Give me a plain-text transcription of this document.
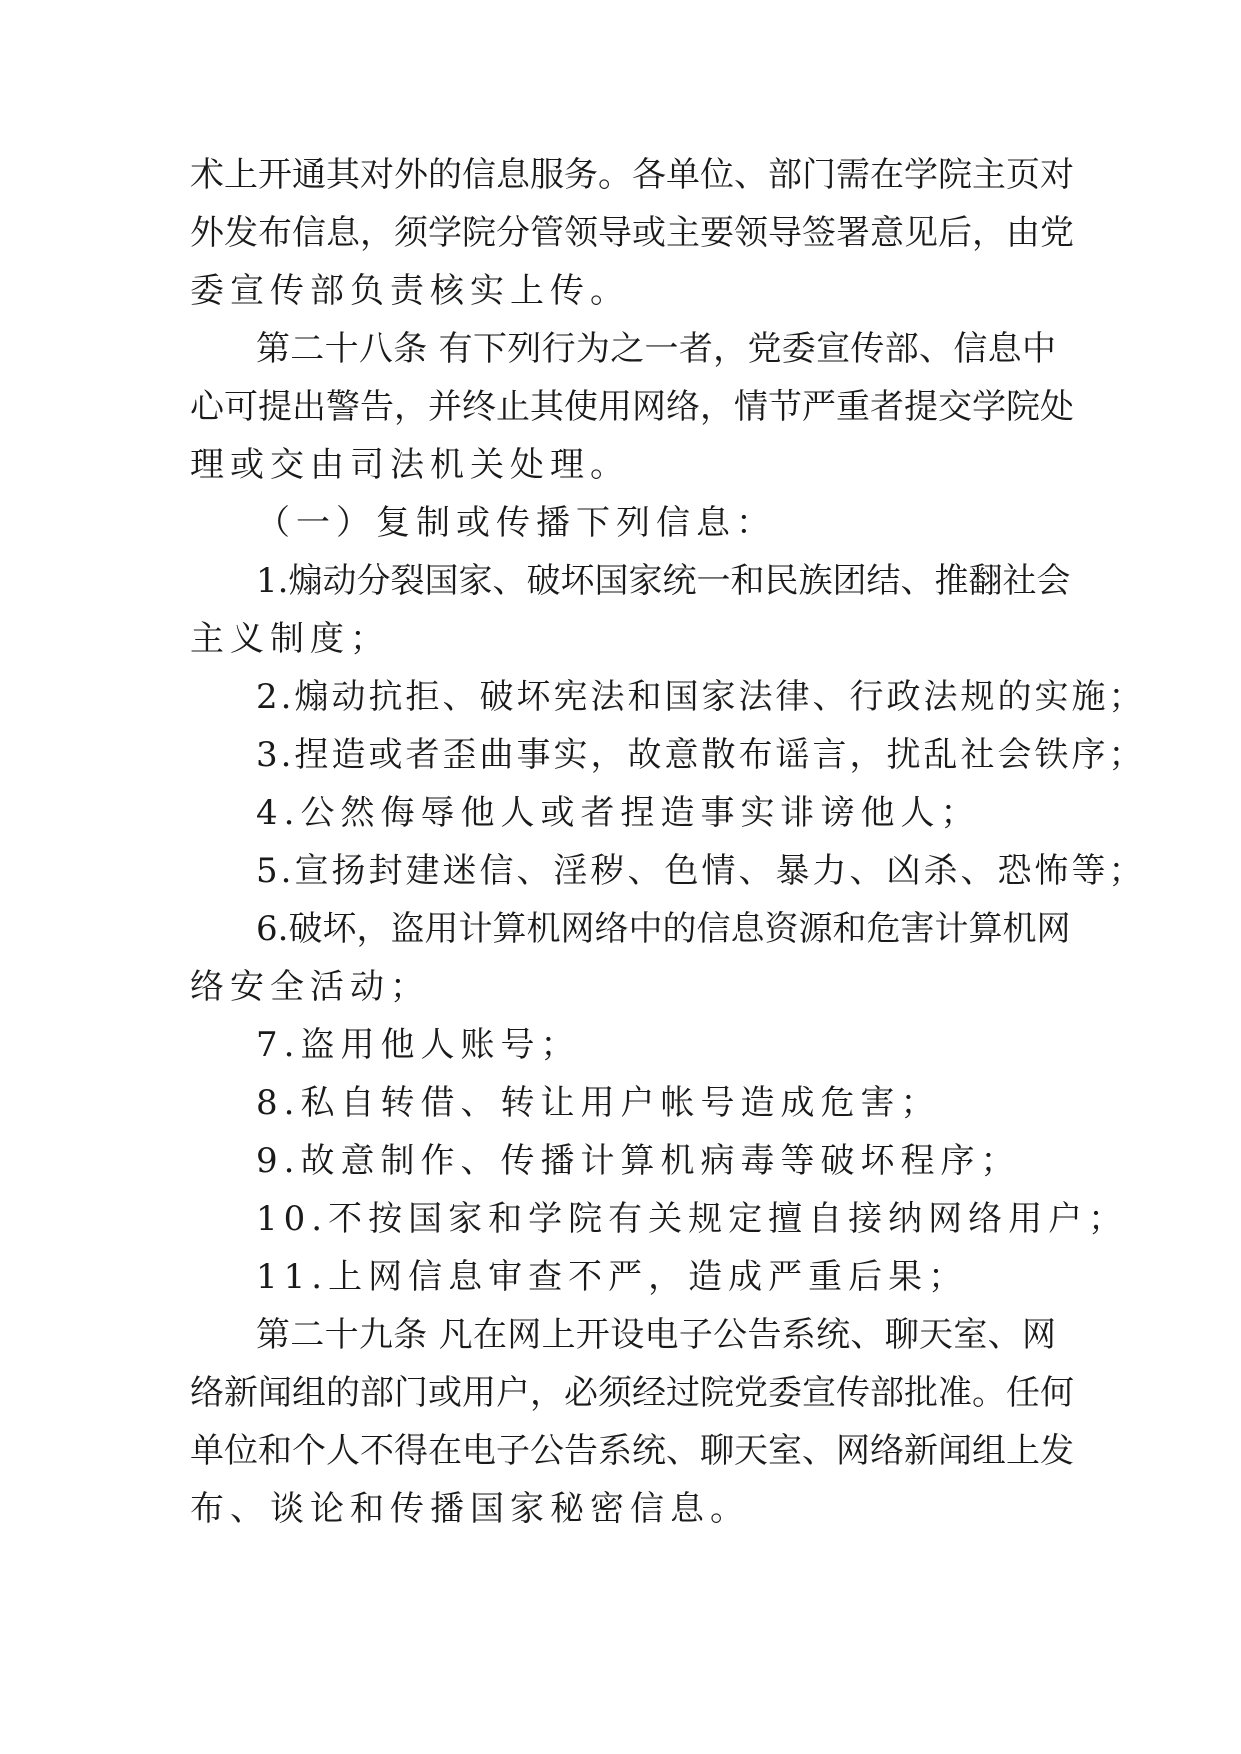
术上开通其对外的信息服务。各单位、部门需在学院主页对
外发布信息，须学院分管领导或主要领导签署意见后，由党
委宣传部负责核实上传。
第二十八条 有下列行为之一者，党委宣传部、信息中
心可提出警告，并终止其使用网络，情节严重者提交学院处
理或交由司法机关处理。
（一）复制或传播下列信息：
1.煽动分裂国家、破坏国家统一和民族团结、推翻社会
主义制度；
2.煽动抗拒、破坏宪法和国家法律、行政法规的实施；
3.捏造或者歪曲事实，故意散布谣言，扰乱社会铁序；
4.公然侮辱他人或者捏造事实诽谤他人；
5.宣扬封建迷信、淫秽、色情、暴力、凶杀、恐怖等；
6.破坏，盗用计算机网络中的信息资源和危害计算机网
络安全活动；
7.盗用他人账号；
8.私自转借、转让用户帐号造成危害；
9.故意制作、传播计算机病毒等破坏程序；
10.不按国家和学院有关规定擅自接纳网络用户；
11.上网信息审查不严，造成严重后果；
第二十九条 凡在网上开设电子公告系统、聊天室、网
络新闻组的部门或用户，必须经过院党委宣传部批准。任何
单位和个人不得在电子公告系统、聊天室、网络新闻组上发
布、谈论和传播国家秘密信息。
